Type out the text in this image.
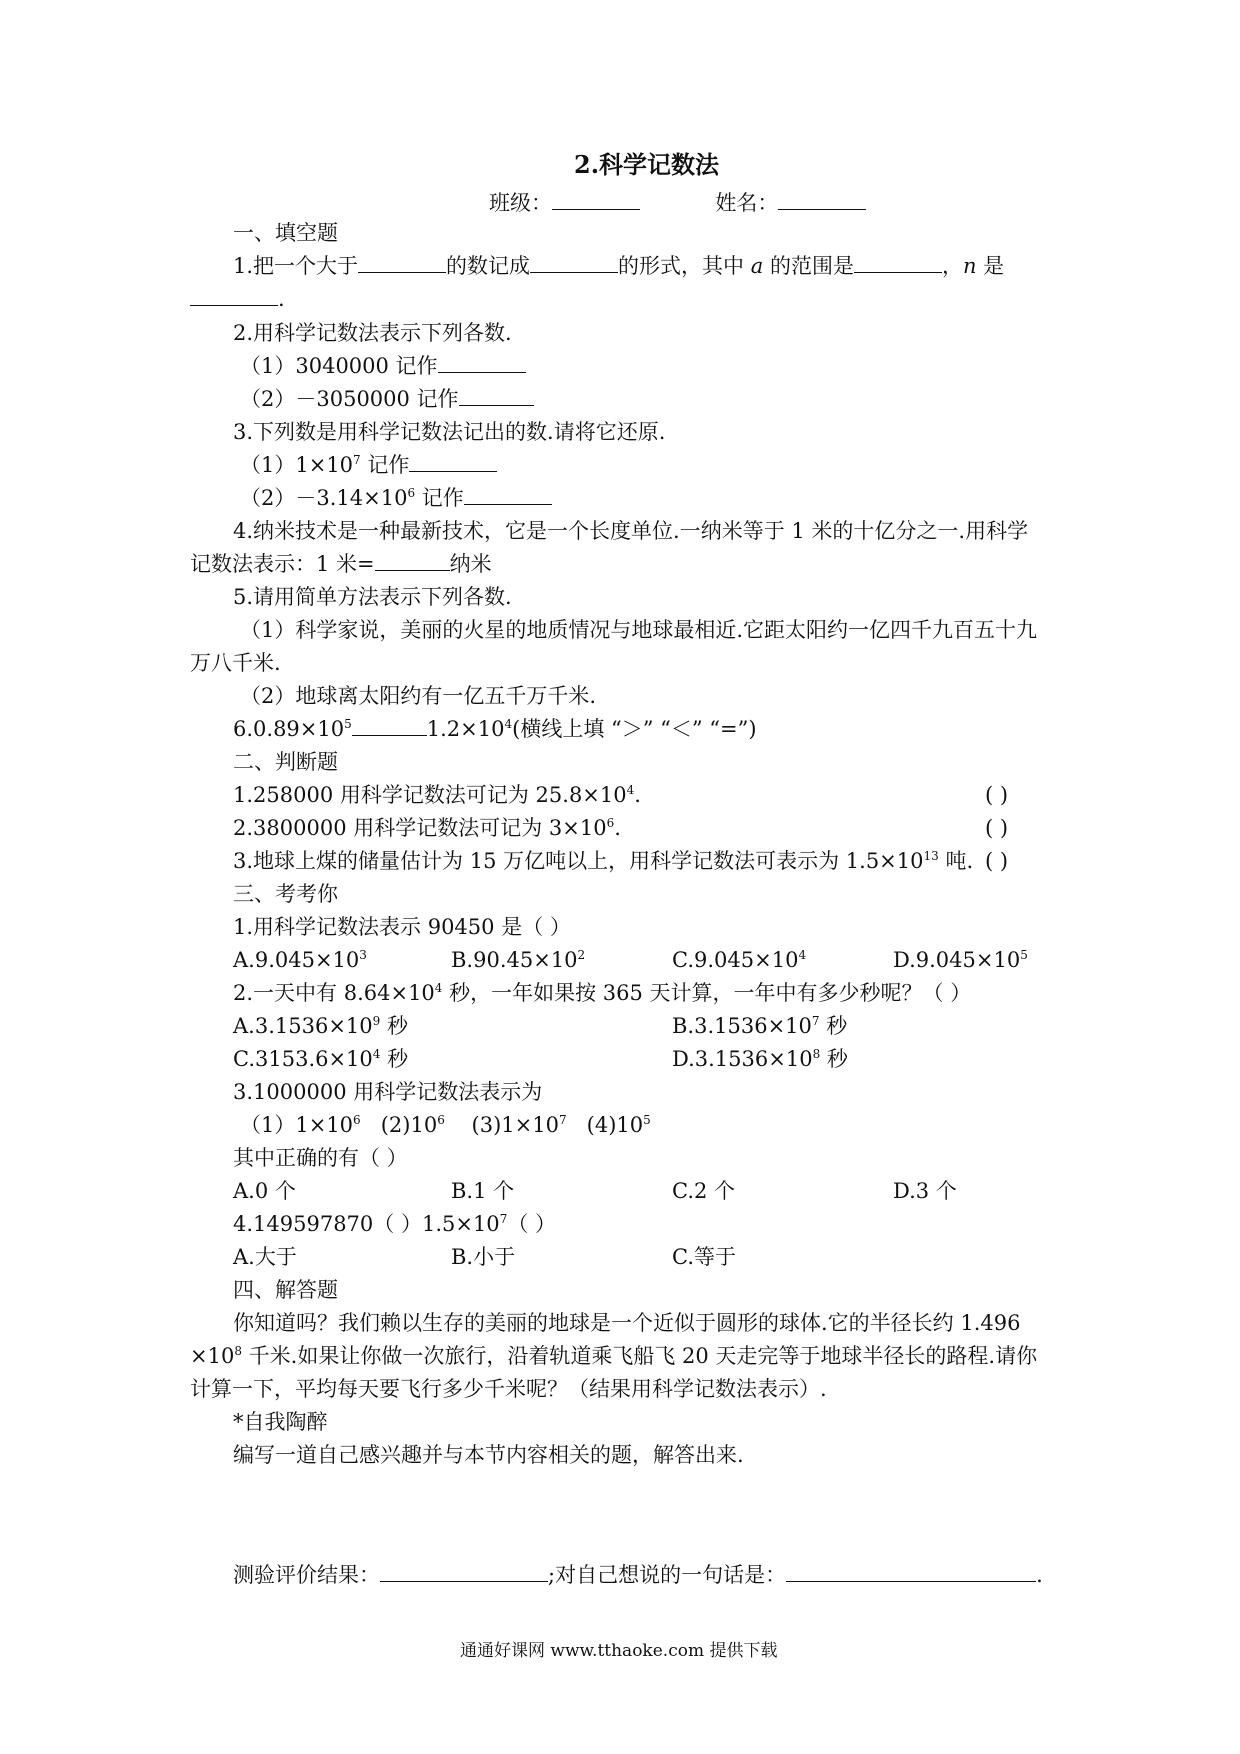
2.科学记数法
班级：	姓名：
一、填空题
1.把一个大于	的数记成	的形式，其中 a 的范围是	，n 是
.
2.用科学记数法表示下列各数.
（1）3040000 记作
（2）－3050000 记作
3.下列数是用科学记数法记出的数.请将它还原.
$(1)1\times 10^7$ 记作
$(2)-3.14\times 10^6$ 记作
4.纳米技术是一种最新技术，它是一个长度单位.一纳米等于 1 米的十亿分之一.用科学
记数法表示：1 米=	纳米
5.请用简单方法表示下列各数.
（1）科学家说，美丽的火星的地质情况与地球最相近.它距太阳约一亿四千九百五十九
万八千米.
（2）地球离太阳约有一亿五千万千米.
$6.0.89\times 10^5$	$1.2\times 10^4$(横线上填 “＞” “＜” “=”)
二、判断题
1.258000 用科学记数法可记为 $25.8\times 10^4$.	( )
2.3800000 用科学记数法可记为 $3\times 10^6$.	( )
3.地球上煤的储量估计为 15 万亿吨以上，用科学记数法可表示为 $1.5\times 10^{13}$ 吨. ( )
三、考考你
1.用科学记数法表示 90450 是（ ）
$A.9.045\times 10^3$	$B.90.45\times 10^2$	$C.9.045\times 10^4$	$D.9.045\times 10^5$
2.一天中有 $8.64\times 10^4$ 秒，一年如果按 365 天计算，一年中有多少秒呢？（ ）
$A.3.1536\times 10^9$ 秒	$B.3.1536\times 10^7$ 秒
$C.3153.6\times 10^4$ 秒	$D.3.1536\times 10^8$ 秒
3.1000000 用科学记数法表示为
$(1)1\times 10^6$ $(2)10^6$ $(3)1\times 10^7$ $(4)10^5$
其中正确的有（ ）
A.0 个	B.1 个	C.2 个	D.3 个
4.149597870（ ）$1.5\times 10^7$（ ）
A.大于	B.小于	C.等于
四、解答题
你知道吗？我们赖以生存的美丽的地球是一个近似于圆形的球体.它的半径长约 1.496
$\times 10^8$ 千米.如果让你做一次旅行，沿着轨道乘飞船飞 20 天走完等于地球半径长的路程.请你
计算一下，平均每天要飞行多少千米呢？（结果用科学记数法表示）.
*自我陶醉
编写一道自己感兴趣并与本节内容相关的题，解答出来.
测验评价结果：	;对自己想说的一句话是：	.
通通好课网 www.tthaoke.com 提供下载
